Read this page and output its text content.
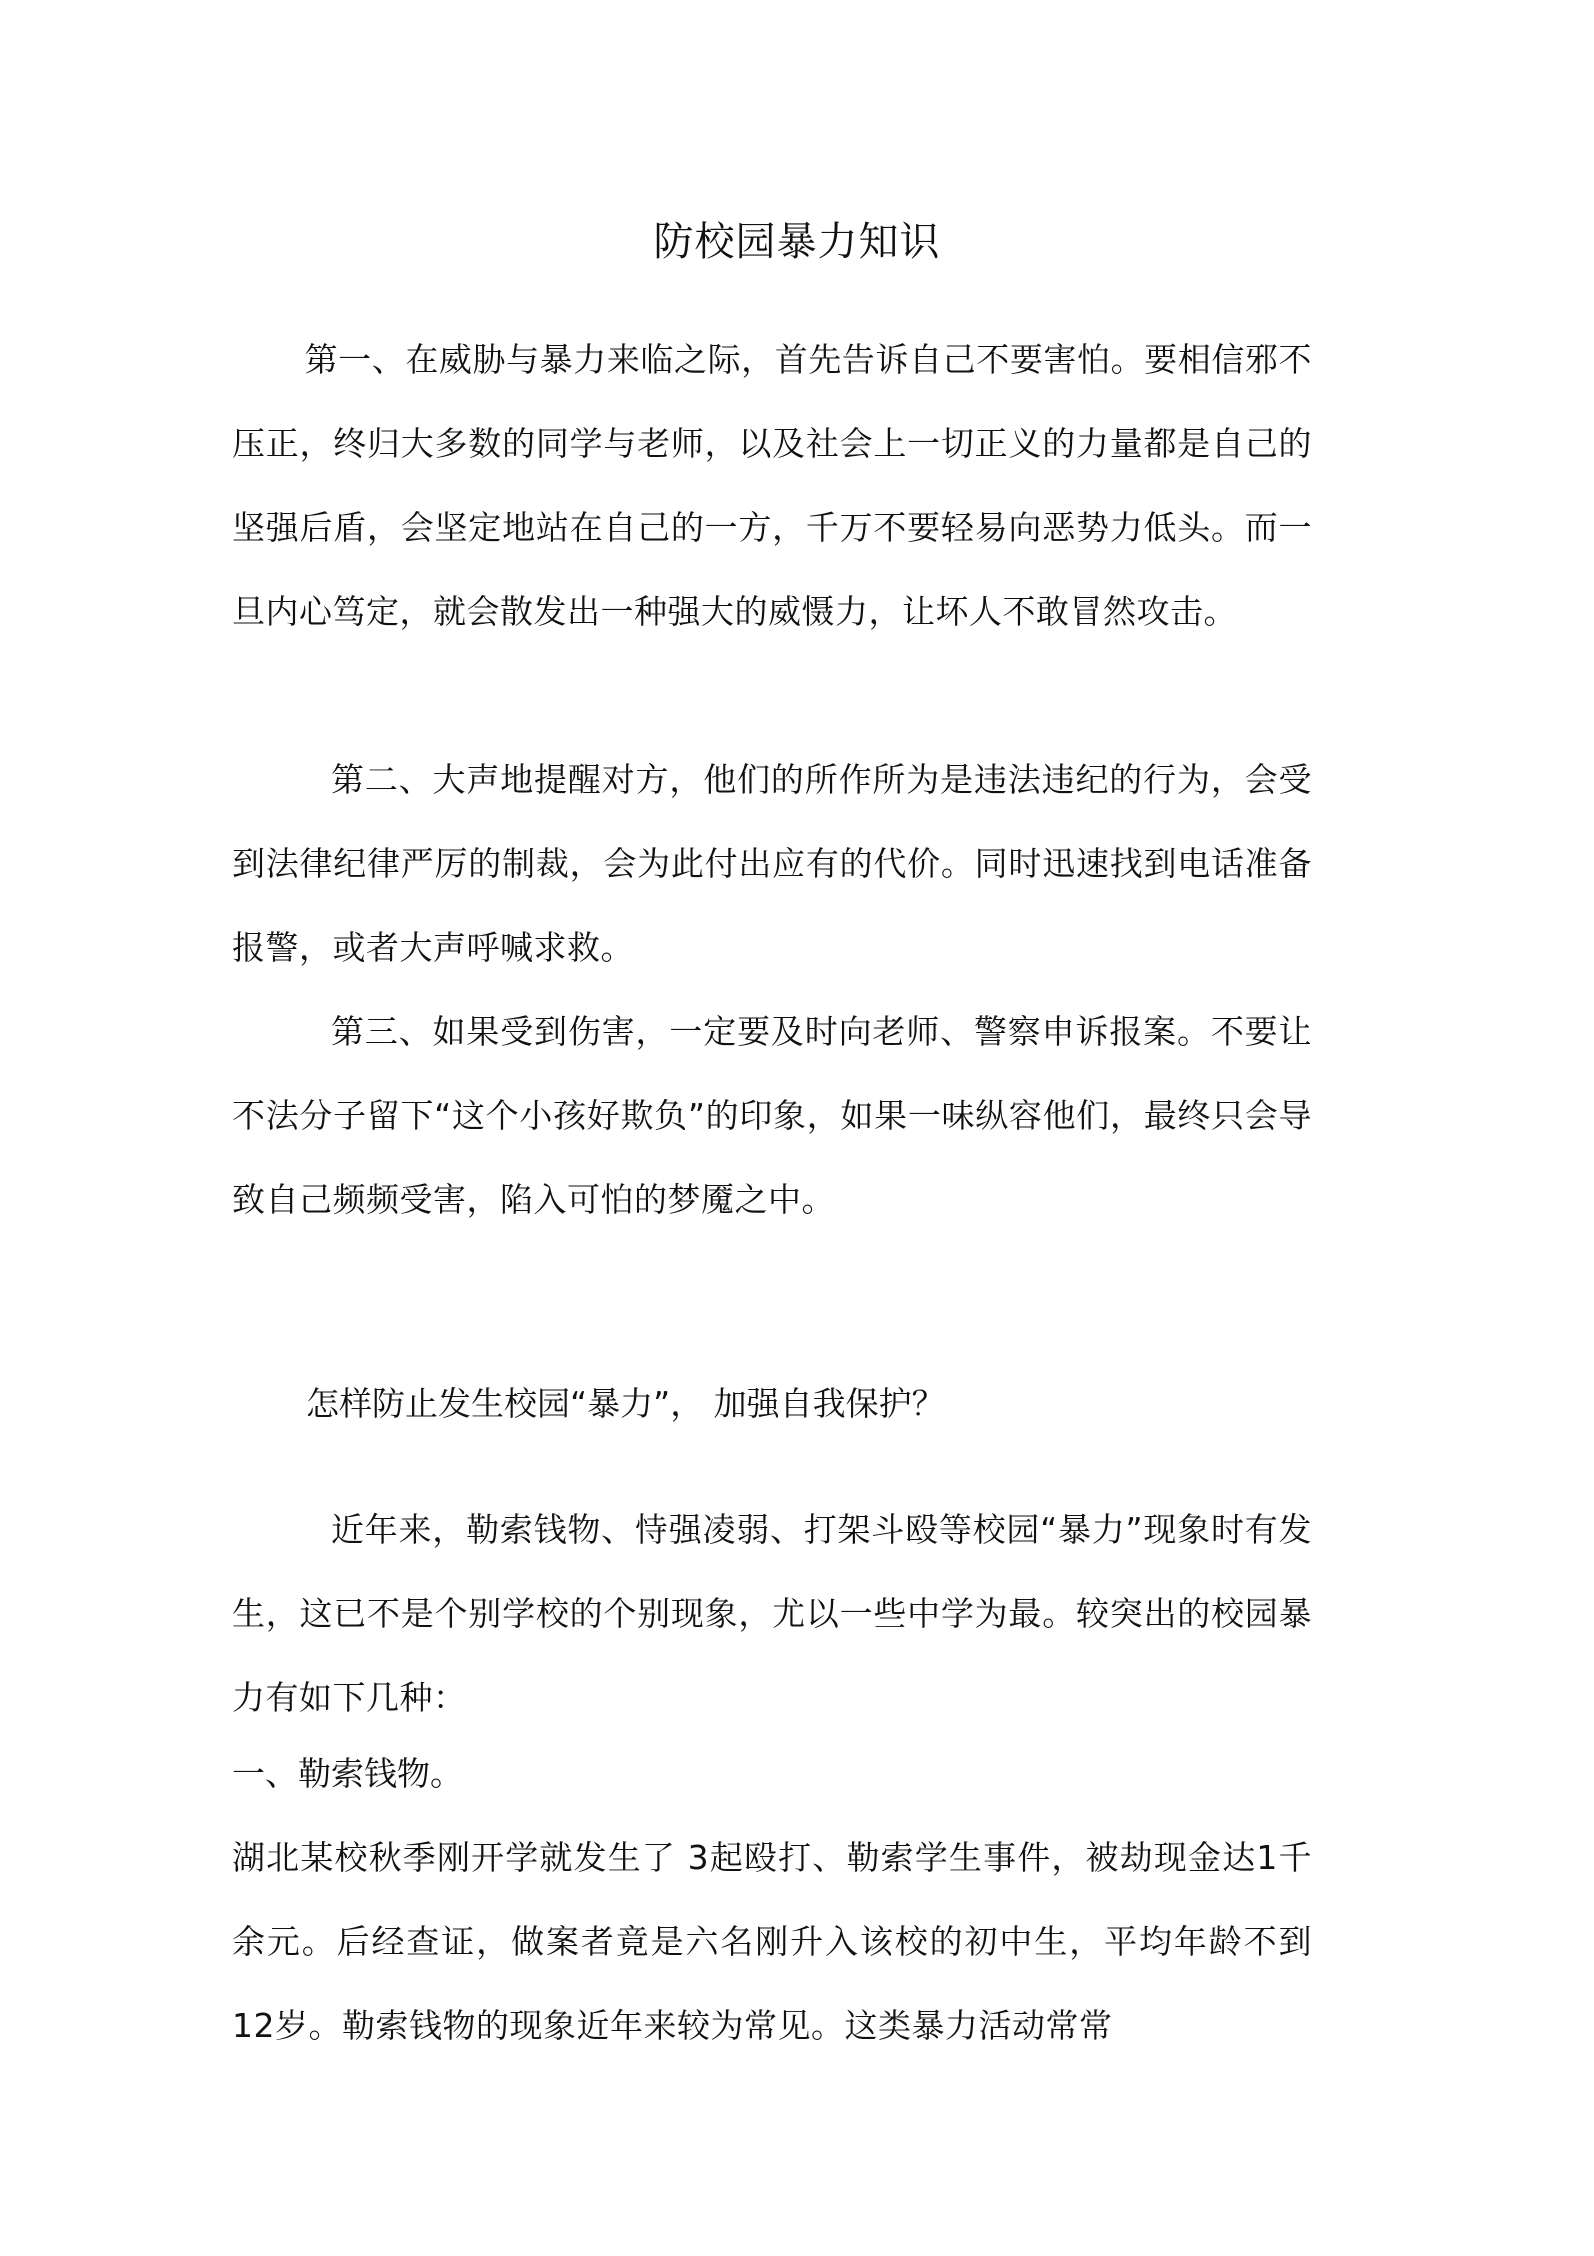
防校园暴力知识

第一、在威胁与暴力来临之际，首先告诉自己不要害怕。要相信邪不压正，终归大多数的同学与老师，以及社会上一切正义的力量都是自己的坚强后盾，会坚定地站在自己的一方，千万不要轻易向恶势力低头。而一旦内心笃定，就会散发出一种强大的威慑力，让坏人不敢冒然攻击。

第二、大声地提醒对方，他们的所作所为是违法违纪的行为，会受到法律纪律严厉的制裁，会为此付出应有的代价。同时迅速找到电话准备报警，或者大声呼喊求救。

第三、如果受到伤害，一定要及时向老师、警察申诉报案。不要让不法分子留下“这个小孩好欺负”的印象，如果一味纵容他们，最终只会导致自己频频受害，陷入可怕的梦魇之中。

怎样防止发生校园“暴力”， 加强自我保护？

近年来，勒索钱物、恃强凌弱、打架斗殴等校园“暴力”现象时有发生，这已不是个别学校的个别现象，尤以一些中学为最。较突出的校园暴力有如下几种：

一、勒索钱物。

湖北某校秋季刚开学就发生了 3起殴打、勒索学生事件，被劫现金达1千余元。后经查证，做案者竟是六名刚升入该校的初中生，平均年龄不到12岁。勒索钱物的现象近年来较为常见。这类暴力活动常常
